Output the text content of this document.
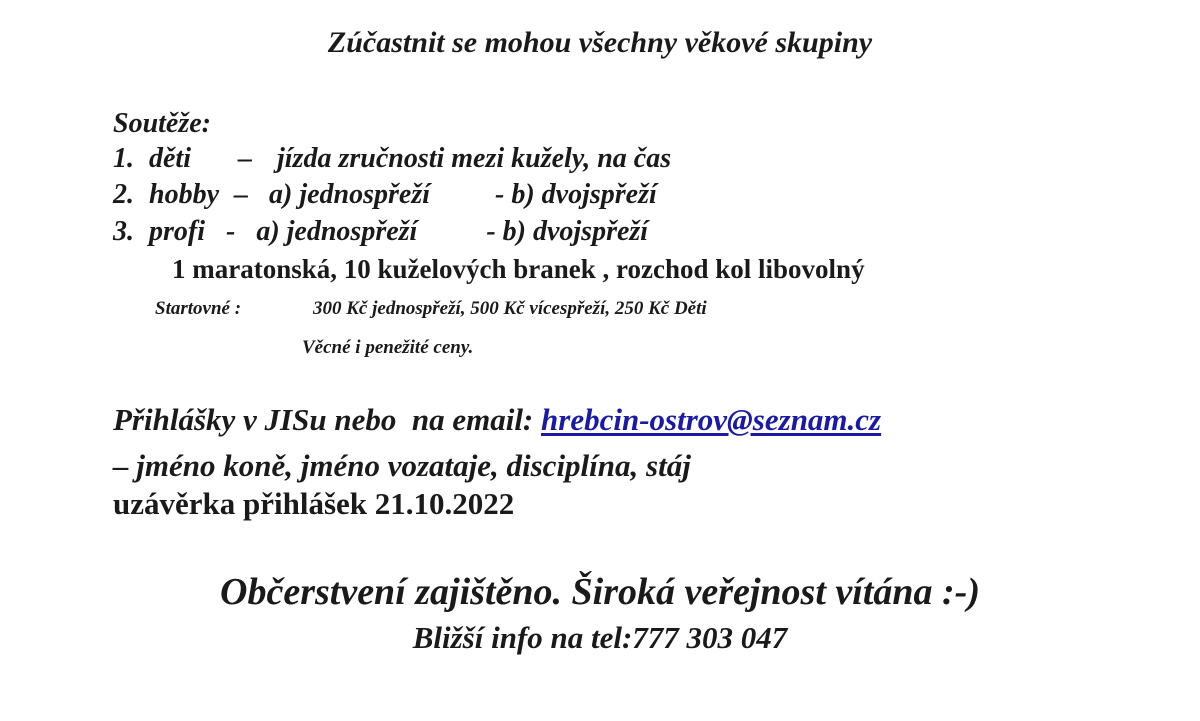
Zúčastnit se mohou všechny věkové skupiny

Soutěže:

1. děti – jízda zručnosti mezi kužely, na čas

2. hobby – a) jednospřeží - b) dvojspřeží

3. profi - a) jednospřeží - b) dvojspřeží

1 maratonská, 10 kuželových branek , rozchod kol libovolný

Startovné :	300 Kč jednospřeží, 500 Kč vícespřeží, 250 Kč Děti

Věcné i penežité ceny.

Přihlášky v JISu nebo  na email: hrebcin-ostrov@seznam.cz

– jméno koně, jméno vozataje, disciplína, stáj

uzávěrka přihlášek 21.10.2022

Občerstvení zajištěno. Široká veřejnost vítána :-)

Bližší info na tel:777 303 047
